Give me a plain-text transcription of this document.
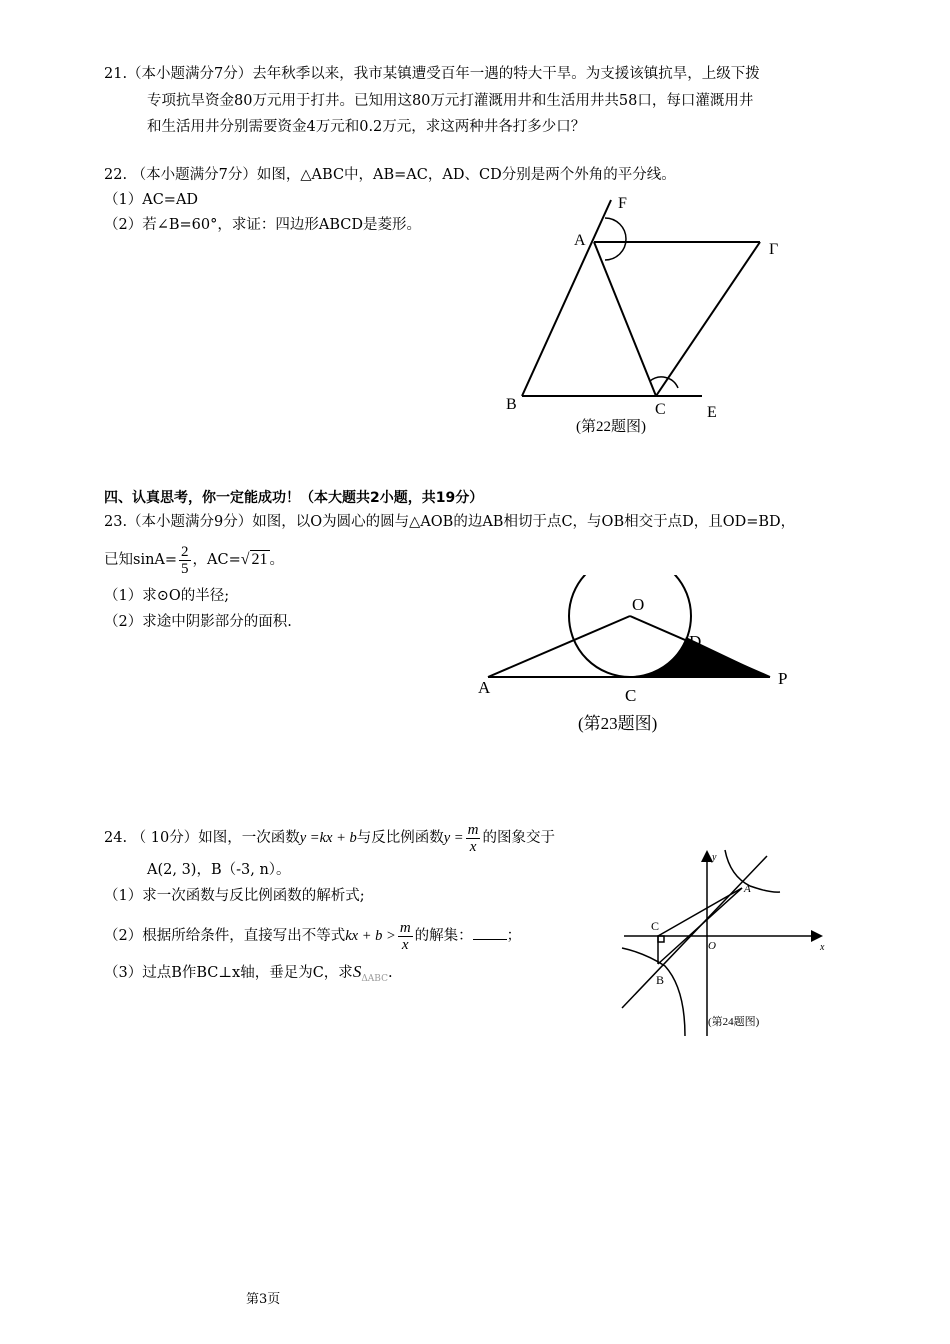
21.（本小题满分7分）去年秋季以来，我市某镇遭受百年一遇的特大干旱。为支援该镇抗旱，上级下拨
专项抗旱资金80万元用于打井。已知用这80万元打灌溉用井和生活用井共58口，每口灌溉用井
和生活用井分别需要资金4万元和0.2万元，求这两种井各打多少口？
22. （本小题满分7分）如图，△ABC中，AB=AC，AD、CD分别是两个外角的平分线。
（1）AC=AD
（2）若∠B=60°，求证：四边形ABCD是菱形。
F
A
Γ
B	C	E
(第22题图)
四、认真思考，你一定能成功！（本大题共2小题，共19分）
23.（本小题满分9分）如图，以O为圆心的圆与△AOB的边AB相切于点C，与OB相交于点D，且OD=BD，
已知$\sin A= \frac{2}{5}$ ，AC=√ 21 。
（1）求⊙O的半径;
（2）求途中阴影部分的面积.
O
D
A	C
P
(第23题图)
24. （ 10分）如图，一次函数y =kx + b与反比例函数$y = \frac{m}{x}$ 的图象交于
A(2, 3)，B（-3, n）。
（1）求一次函数与反比例函数的解析式;
（2）根据所给条件，直接写出不等式kx + $b > \frac{m}{x}$ 的解集： ；
（3）过点B作BC⊥x轴，垂足为C，求$S_{\Delta ABC}$.
y
x
A
C
O
B
(第24题图)
第3页
